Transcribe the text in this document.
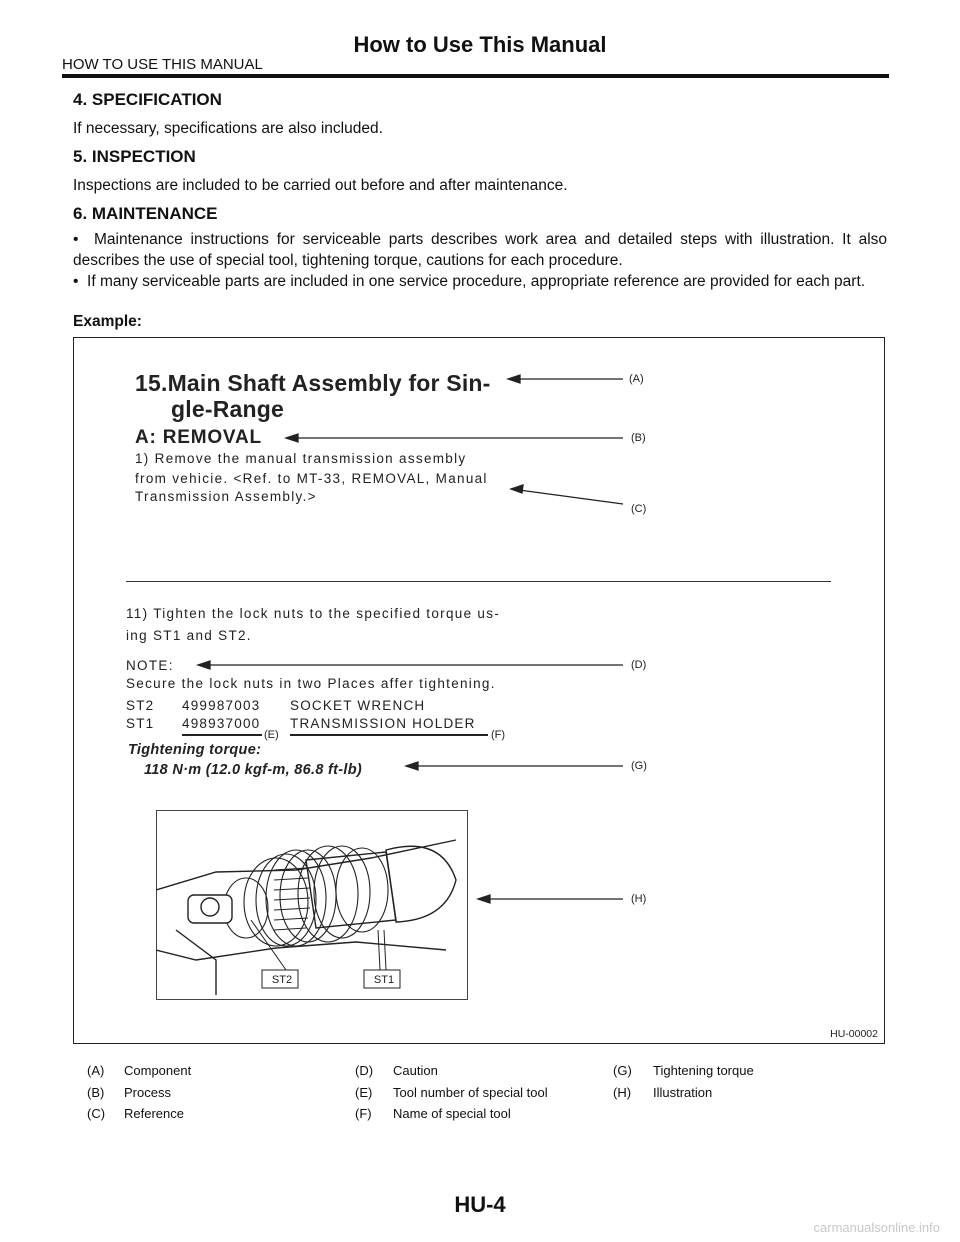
How to Use This Manual
HOW TO USE THIS MANUAL
4. SPECIFICATION
If necessary, specifications are also included.
5. INSPECTION
Inspections are included to be carried out before and after maintenance.
6. MAINTENANCE
•  Maintenance instructions for serviceable parts describes work area and detailed steps with illustration. It also describes the use of special tool, tightening torque, cautions for each procedure.
•  If many serviceable parts are included in one service procedure, appropriate reference are provided for each part.
Example:
15.Main Shaft Assembly for Sin-
gle-Range
A: REMOVAL
1) Remove the manual transmission assembly
from vehicie. <Ref. to MT-33, REMOVAL, Manual
Transmission Assembly.>
11) Tighten the lock nuts to the specified torque us-
ing ST1 and ST2.
NOTE:
Secure the lock nuts in two Places affer tightening.
ST2 499987003 SOCKET WRENCH
ST1 498937000 TRANSMISSION HOLDER
Tightening torque:
118 N·m (12.0 kgf-m, 86.8 ft-lb)
(A)
(B)
(C)
(D)
(E)	(F)
(G)
(H)
ST2	ST1
HU-00002
(A) Component
(B) Process
(C) Reference
(D) Caution
(E) Tool number of special tool
(F) Name of special tool
(G) Tightening torque
(H) Illustration
HU-4
carmanualsonline.info
